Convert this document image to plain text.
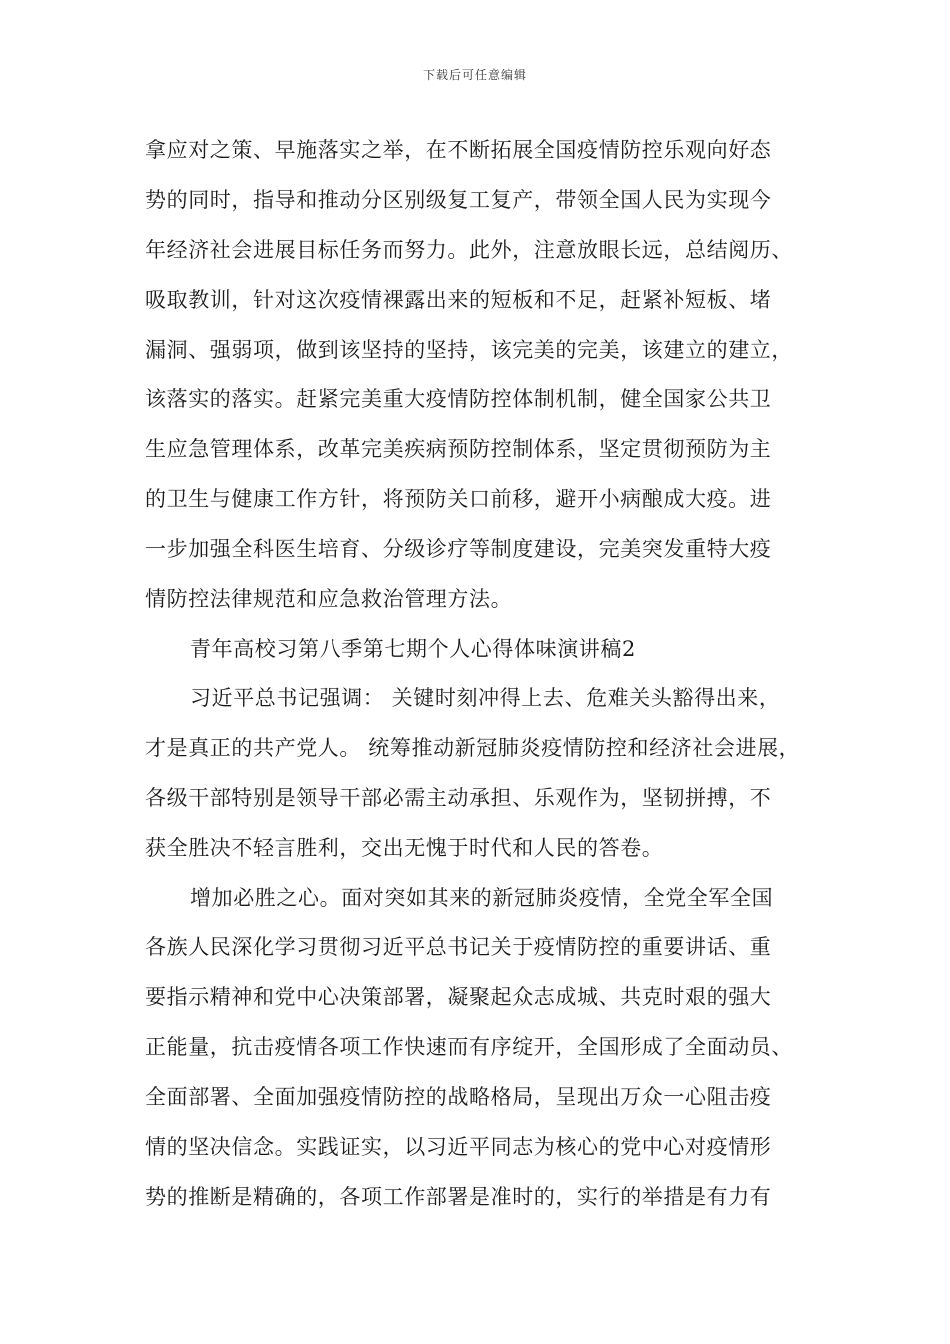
下载后可任意编辑
拿应对之策、早施落实之举，在不断拓展全国疫情防控乐观向好态
势的同时，指导和推动分区别级复工复产，带领全国人民为实现今
年经济社会进展目标任务而努力。此外，注意放眼长远，总结阅历、
吸取教训，针对这次疫情裸露出来的短板和不足，赶紧补短板、堵
漏洞、强弱项，做到该坚持的坚持，该完美的完美，该建立的建立，
该落实的落实。赶紧完美重大疫情防控体制机制，健全国家公共卫
生应急管理体系，改革完美疾病预防控制体系，坚定贯彻预防为主
的卫生与健康工作方针，将预防关口前移，避开小病酿成大疫。进
一步加强全科医生培育、分级诊疗等制度建设，完美突发重特大疫
情防控法律规范和应急救治管理方法。
青年高校习第八季第七期个人心得体味演讲稿2
习近平总书记强调： 关键时刻冲得上去、危难关头豁得出来，
才是真正的共产党人。 统筹推动新冠肺炎疫情防控和经济社会进展，
各级干部特别是领导干部必需主动承担、乐观作为，坚韧拼搏，不
获全胜决不轻言胜利，交出无愧于时代和人民的答卷。
增加必胜之心。面对突如其来的新冠肺炎疫情，全党全军全国
各族人民深化学习贯彻习近平总书记关于疫情防控的重要讲话、重
要指示精神和党中心决策部署，凝聚起众志成城、共克时艰的强大
正能量，抗击疫情各项工作快速而有序绽开，全国形成了全面动员、
全面部署、全面加强疫情防控的战略格局，呈现出万众一心阻击疫
情的坚决信念。实践证实，以习近平同志为核心的党中心对疫情形
势的推断是精确的，各项工作部署是准时的，实行的举措是有力有
